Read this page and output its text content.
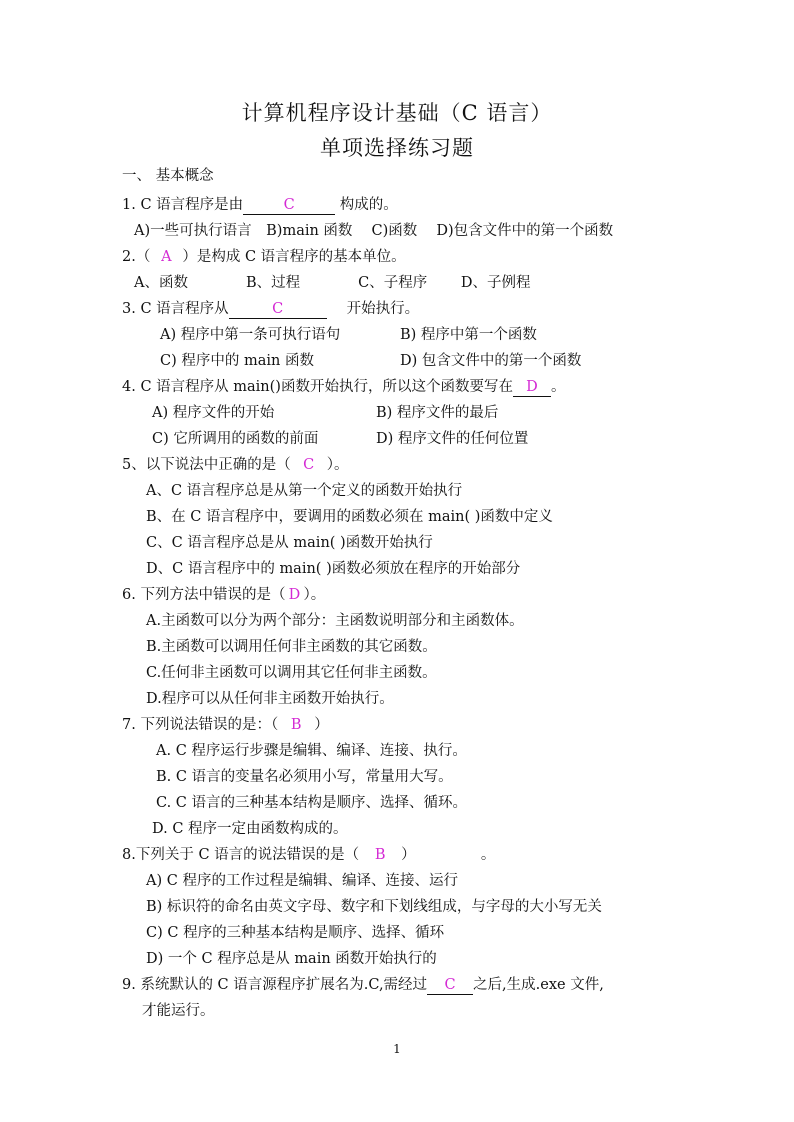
计算机程序设计基础（C 语言）
单项选择练习题
一、 基本概念
1. C 语言程序是由	C	构成的。
A)一些可执行语言　B)main 函数　 C)函数　 D)包含文件中的第一个函数
2.（ A ）是构成 C 语言程序的基本单位。
A、函数　　　　B、过程　　　　C、子程序　　 D、子例程
3. C 语言程序从	C	开始执行。
A) 程序中第一条可执行语句	B) 程序中第一个函数
C) 程序中的 main 函数	D) 包含文件中的第一个函数
4. C 语言程序从 main()函数开始执行，所以这个函数要写在 D 。
A) 程序文件的开始	B) 程序文件的最后
C) 它所调用的函数的前面	D) 程序文件的任何位置
5、以下说法中正确的是（ C ）。
A、C 语言程序总是从第一个定义的函数开始执行
B、在 C 语言程序中，要调用的函数必须在 main( )函数中定义
C、C 语言程序总是从 main( )函数开始执行
D、C 语言程序中的 main( )函数必须放在程序的开始部分
6. 下列方法中错误的是（ D ）。
A.主函数可以分为两个部分：主函数说明部分和主函数体。
B.主函数可以调用任何非主函数的其它函数。
C.任何非主函数可以调用其它任何非主函数。
D.程序可以从任何非主函数开始执行。
7. 下列说法错误的是：（ B ）
A. C 程序运行步骤是编辑、编译、连接、执行。
B. C 语言的变量名必须用小写，常量用大写。
C. C 语言的三种基本结构是顺序、选择、循环。
D. C 程序一定由函数构成的。
8.下列关于 C 语言的说法错误的是（ B ）　　　　　。
A) C 程序的工作过程是编辑、编译、连接、运行
B) 标识符的命名由英文字母、数字和下划线组成，与字母的大小写无关
C) C 程序的三种基本结构是顺序、选择、循环
D) 一个 C 程序总是从 main 函数开始执行的
9. 系统默认的 C 语言源程序扩展名为.C,需经过 C 之后,生成.exe 文件,
才能运行。
1
